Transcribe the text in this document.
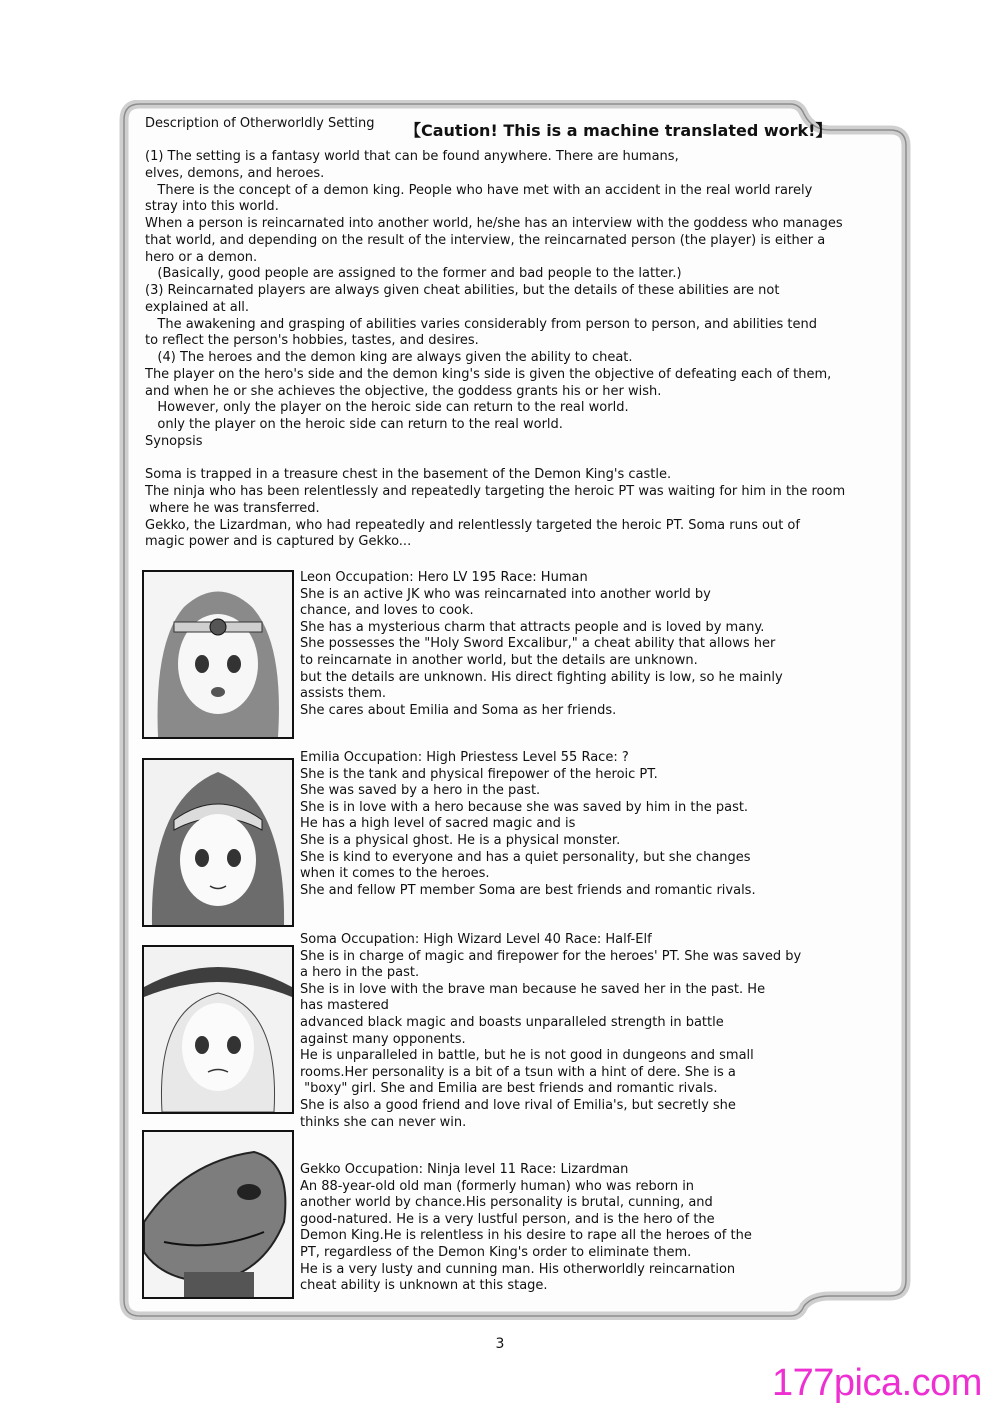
Description of Otherworldly Setting 【Caution! This is a machine translated work!】

(1) The setting is a fantasy world that can be found anywhere. There are humans,

elves, demons, and heroes.

There is the concept of a demon king. People who have met with an accident in the real world rarely

stray into this world.

When a person is reincarnated into another world, he/she has an interview with the goddess who manages

that world, and depending on the result of the interview, the reincarnated person (the player) is either a

hero or a demon.

(Basically, good people are assigned to the former and bad people to the latter.)

(3) Reincarnated players are always given cheat abilities, but the details of these abilities are not

explained at all.

The awakening and grasping of abilities varies considerably from person to person, and abilities tend

to reflect the person's hobbies, tastes, and desires.

(4) The heroes and the demon king are always given the ability to cheat.

The player on the hero's side and the demon king's side is given the objective of defeating each of them,

and when he or she achieves the objective, the goddess grants his or her wish.

However, only the player on the heroic side can return to the real world.

only the player on the heroic side can return to the real world.

Synopsis

Soma is trapped in a treasure chest in the basement of the Demon King's castle.

The ninja who has been relentlessly and repeatedly targeting the heroic PT was waiting for him in the room

where he was transferred.

Gekko, the Lizardman, who had repeatedly and relentlessly targeted the heroic PT. Soma runs out of

magic power and is captured by Gekko...

Leon Occupation: Hero LV 195 Race: Human

She is an active JK who was reincarnated into another world by

chance, and loves to cook.

She has a mysterious charm that attracts people and is loved by many.

She possesses the "Holy Sword Excalibur," a cheat ability that allows her

to reincarnate in another world, but the details are unknown.

but the details are unknown. His direct fighting ability is low, so he mainly

assists them.

She cares about Emilia and Soma as her friends.

Emilia Occupation: High Priestess Level 55 Race: ?

She is the tank and physical firepower of the heroic PT.

She was saved by a hero in the past.

She is in love with a hero because she was saved by him in the past.

He has a high level of sacred magic and is

She is a physical ghost. He is a physical monster.

She is kind to everyone and has a quiet personality, but she changes

when it comes to the heroes.

She and fellow PT member Soma are best friends and romantic rivals.

Soma Occupation: High Wizard Level 40 Race: Half-Elf

She is in charge of magic and firepower for the heroes' PT. She was saved by

a hero in the past.

She is in love with the brave man because he saved her in the past. He

has mastered

advanced black magic and boasts unparalleled strength in battle

against many opponents.

He is unparalleled in battle, but he is not good in dungeons and small

rooms.Her personality is a bit of a tsun with a hint of dere. She is a

"boxy" girl. She and Emilia are best friends and romantic rivals.

She is also a good friend and love rival of Emilia's, but secretly she

thinks she can never win.

Gekko Occupation: Ninja level 11 Race: Lizardman

An 88-year-old old man (formerly human) who was reborn in

another world by chance.His personality is brutal, cunning, and

good-natured. He is a very lustful person, and is the hero of the

Demon King.He is relentless in his desire to rape all the heroes of the

PT, regardless of the Demon King's order to eliminate them.

He is a very lusty and cunning man. His otherworldly reincarnation

cheat ability is unknown at this stage.

3
177pica.com
